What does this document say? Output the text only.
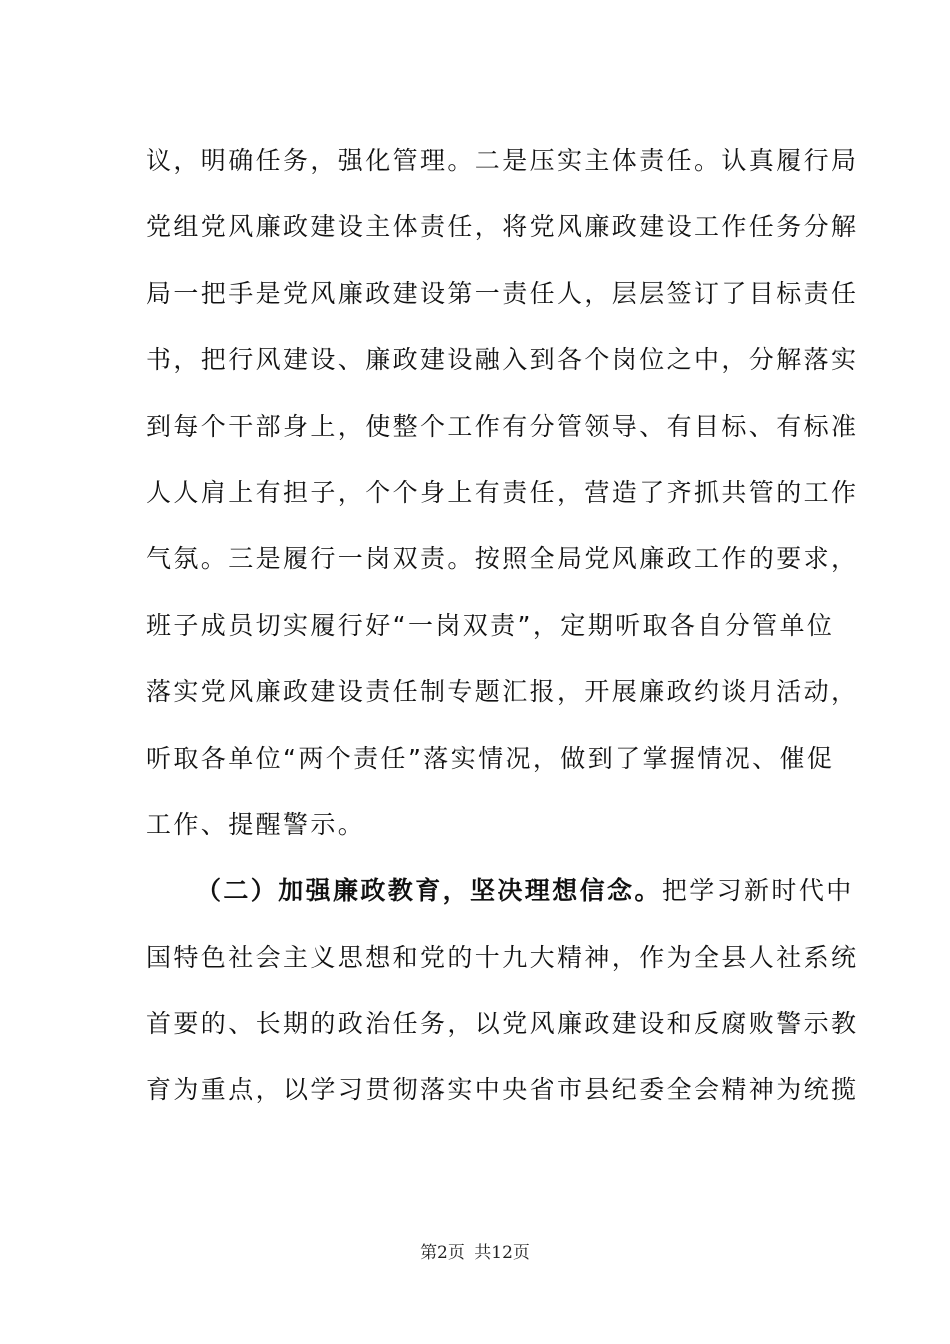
议，明确任务，强化管理。二是压实主体责任。认真履行局
党组党风廉政建设主体责任，将党风廉政建设工作任务分解
局一把手是党风廉政建设第一责任人，层层签订了目标责任
书，把行风建设、廉政建设融入到各个岗位之中，分解落实
到每个干部身上，使整个工作有分管领导、有目标、有标准
人人肩上有担子，个个身上有责任，营造了齐抓共管的工作
气氛。三是履行一岗双责。按照全局党风廉政工作的要求，
班子成员切实履行好“一岗双责”，定期听取各自分管单位
落实党风廉政建设责任制专题汇报，开展廉政约谈月活动，
听取各单位“两个责任”落实情况，做到了掌握情况、催促
工作、提醒警示。
（二）加强廉政教育，坚决理想信念。把学习新时代中
国特色社会主义思想和党的十九大精神，作为全县人社系统
首要的、长期的政治任务，以党风廉政建设和反腐败警示教
育为重点，以学习贯彻落实中央省市县纪委全会精神为统揽
第2页 共12页
